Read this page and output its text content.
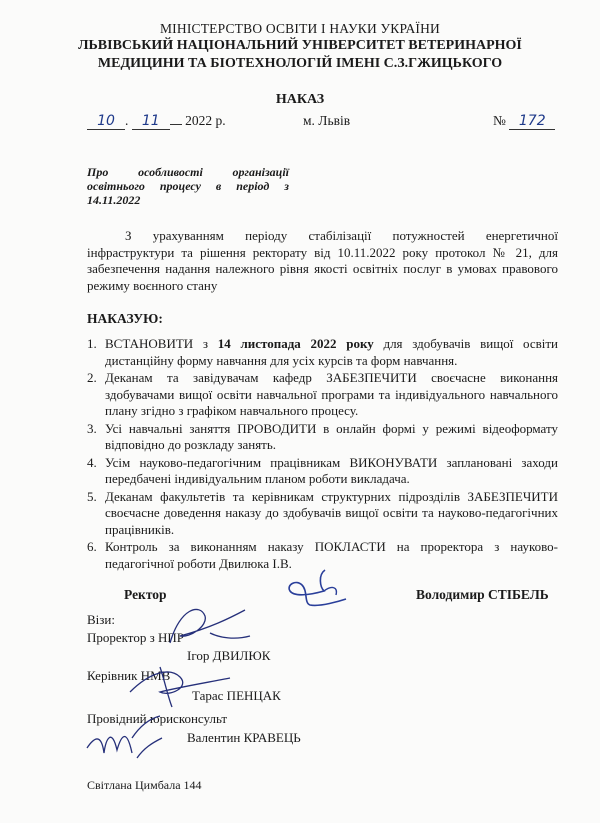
МІНІСТЕРСТВО ОСВІТИ І НАУКИ УКРАЇНИ
ЛЬВІВСЬКИЙ НАЦІОНАЛЬНИЙ УНІВЕРСИТЕТ ВЕТЕРИНАРНОЇ
МЕДИЦИНИ ТА БІОТЕХНОЛОГІЙ ІМЕНІ С.З.ГЖИЦЬКОГО
НАКАЗ
10 . 11 2022 р.	м. Львів	№ 172
Про особливості організації освітнього процесу в період з 14.11.2022
З урахуванням періоду стабілізації потужностей енергетичної інфраструктури та рішення ректорату від 10.11.2022 року протокол № 21, для забезпечення надання належного рівня якості освітніх послуг в умовах правового режиму воєнного стану
НАКАЗУЮ:
1. ВСТАНОВИТИ з 14 листопада 2022 року для здобувачів вищої освіти дистанційну форму навчання для усіх курсів та форм навчання.
2. Деканам та завідувачам кафедр ЗАБЕЗПЕЧИТИ своєчасне виконання здобувачами вищої освіти навчальної програми та індивідуального навчального плану згідно з графіком навчального процесу.
3. Усі навчальні заняття ПРОВОДИТИ в онлайн формі у режимі відеоформату відповідно до розкладу занять.
4. Усім науково-педагогічним працівникам ВИКОНУВАТИ заплановані заходи передбачені індивідуальним планом роботи викладача.
5. Деканам факультетів та керівникам структурних підрозділів ЗАБЕЗПЕЧИТИ своєчасне доведення наказу до здобувачів вищої освіти та науково-педагогічних працівників.
6. Контроль за виконанням наказу ПОКЛАСТИ на проректора з науково-педагогічної роботи Двилюка І.В.
Ректор	Володимир СТІБЕЛЬ
Візи:
Проректор з НПР
Ігор ДВИЛЮК
Керівник НМВ
Тарас ПЕНЦАК
Провідний юрисконсульт
Валентин КРАВЕЦЬ
Світлана Цимбала 144
